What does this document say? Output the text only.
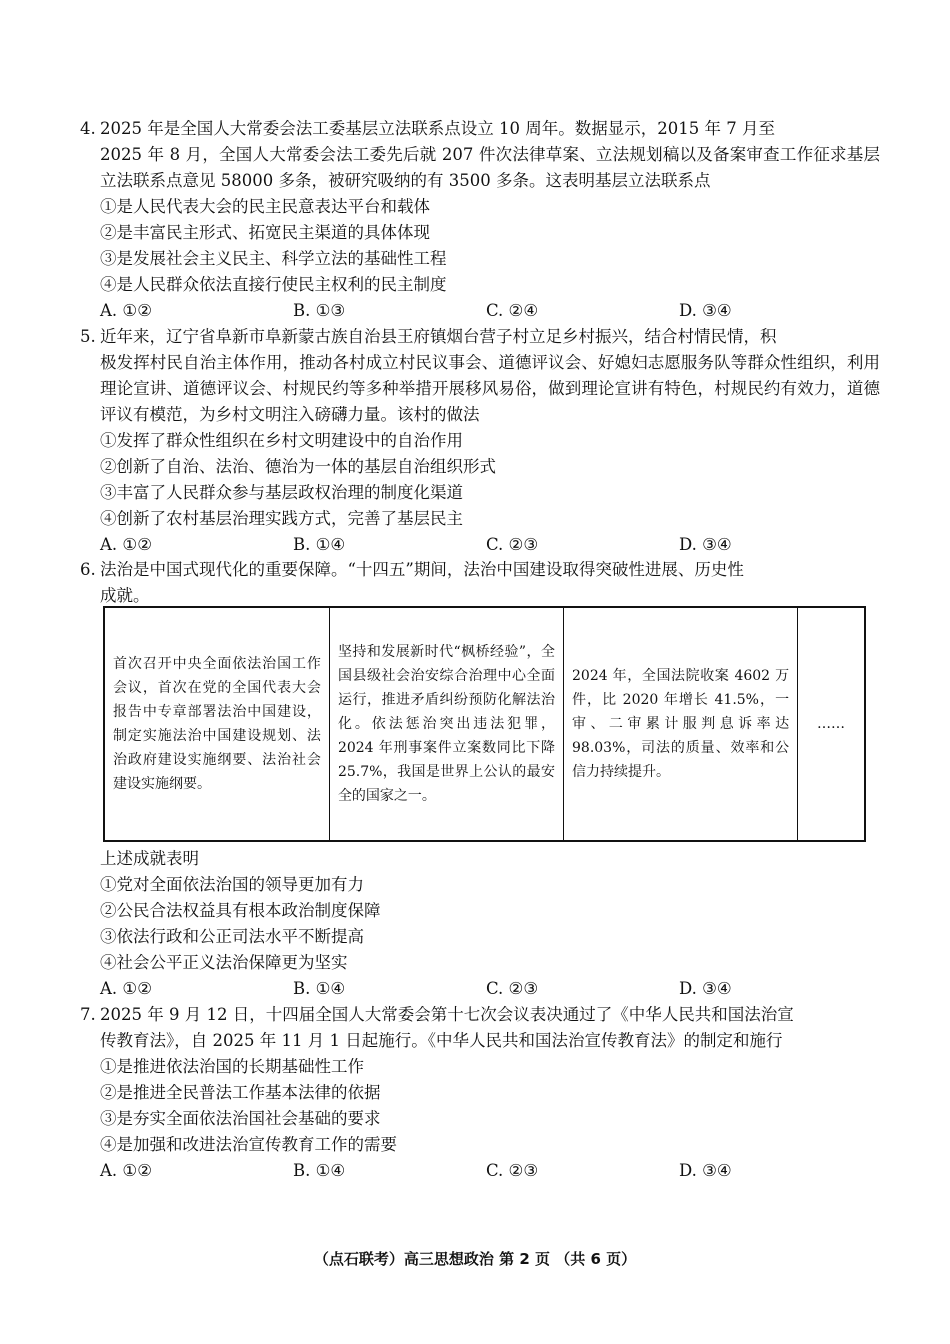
4. 2025 年是全国人大常委会法工委基层立法联系点设立 10 周年。数据显示，2015 年 7 月至
2025 年 8 月，全国人大常委会法工委先后就 207 件次法律草案、立法规划稿以及备案审查工作征求基层立法联系点意见 58000 多条，被研究吸纳的有 3500 多条。这表明基层立法联系点

①是人民代表大会的民主民意表达平台和载体
②是丰富民主形式、拓宽民主渠道的具体体现
③是发展社会主义民主、科学立法的基础性工程
④是人民群众依法直接行使民主权利的民主制度
A. ①②	B. ①③	C. ②④	D. ③④

5. 近年来，辽宁省阜新市阜新蒙古族自治县王府镇烟台营子村立足乡村振兴，结合村情民情，积
极发挥村民自治主体作用，推动各村成立村民议事会、道德评议会、好媳妇志愿服务队等群众性组织，利用理论宣讲、道德评议会、村规民约等多种举措开展移风易俗，做到理论宣讲有特色，村规民约有效力，道德评议有模范，为乡村文明注入磅礴力量。该村的做法

①发挥了群众性组织在乡村文明建设中的自治作用
②创新了自治、法治、德治为一体的基层自治组织形式
③丰富了人民群众参与基层政权治理的制度化渠道
④创新了农村基层治理实践方式，完善了基层民主
A. ①②	B. ①④	C. ②③	D. ③④

6. 法治是中国式现代化的重要保障。“十四五”期间，法治中国建设取得突破性进展、历史性
成就。

首次召开中央全面依法治国工作会议，首次在党的全国代表大会报告中专章部署法治中国建设，制定实施法治中国建设规划、法治政府建设实施纲要、法治社会建设实施纲要。	坚持和发展新时代“枫桥经验”，全国县级社会治安综合治理中心全面运行，推进矛盾纠纷预防化解法治化。依法惩治突出违法犯罪，2024 年刑事案件立案数同比下降 25.7%，我国是世界上公认的最安全的国家之一。	2024 年，全国法院收案 4602 万件，比 2020 年增长 41.5%，一审、二审累计服判息诉率达 98.03%，司法的质量、效率和公信力持续提升。	……
上述成就表明
①党对全面依法治国的领导更加有力
②公民合法权益具有根本政治制度保障
③依法行政和公正司法水平不断提高
④社会公平正义法治保障更为坚实
A. ①②	B. ①④	C. ②③	D. ③④

7. 2025 年 9 月 12 日，十四届全国人大常委会第十七次会议表决通过了《中华人民共和国法治宣
传教育法》，自 2025 年 11 月 1 日起施行。《中华人民共和国法治宣传教育法》的制定和施行

①是推进依法治国的长期基础性工作
②是推进全民普法工作基本法律的依据
③是夯实全面依法治国社会基础的要求
④是加强和改进法治宣传教育工作的需要
A. ①②	B. ①④	C. ②③	D. ③④
（点石联考）高三思想政治 第 2 页 （共 6 页）
